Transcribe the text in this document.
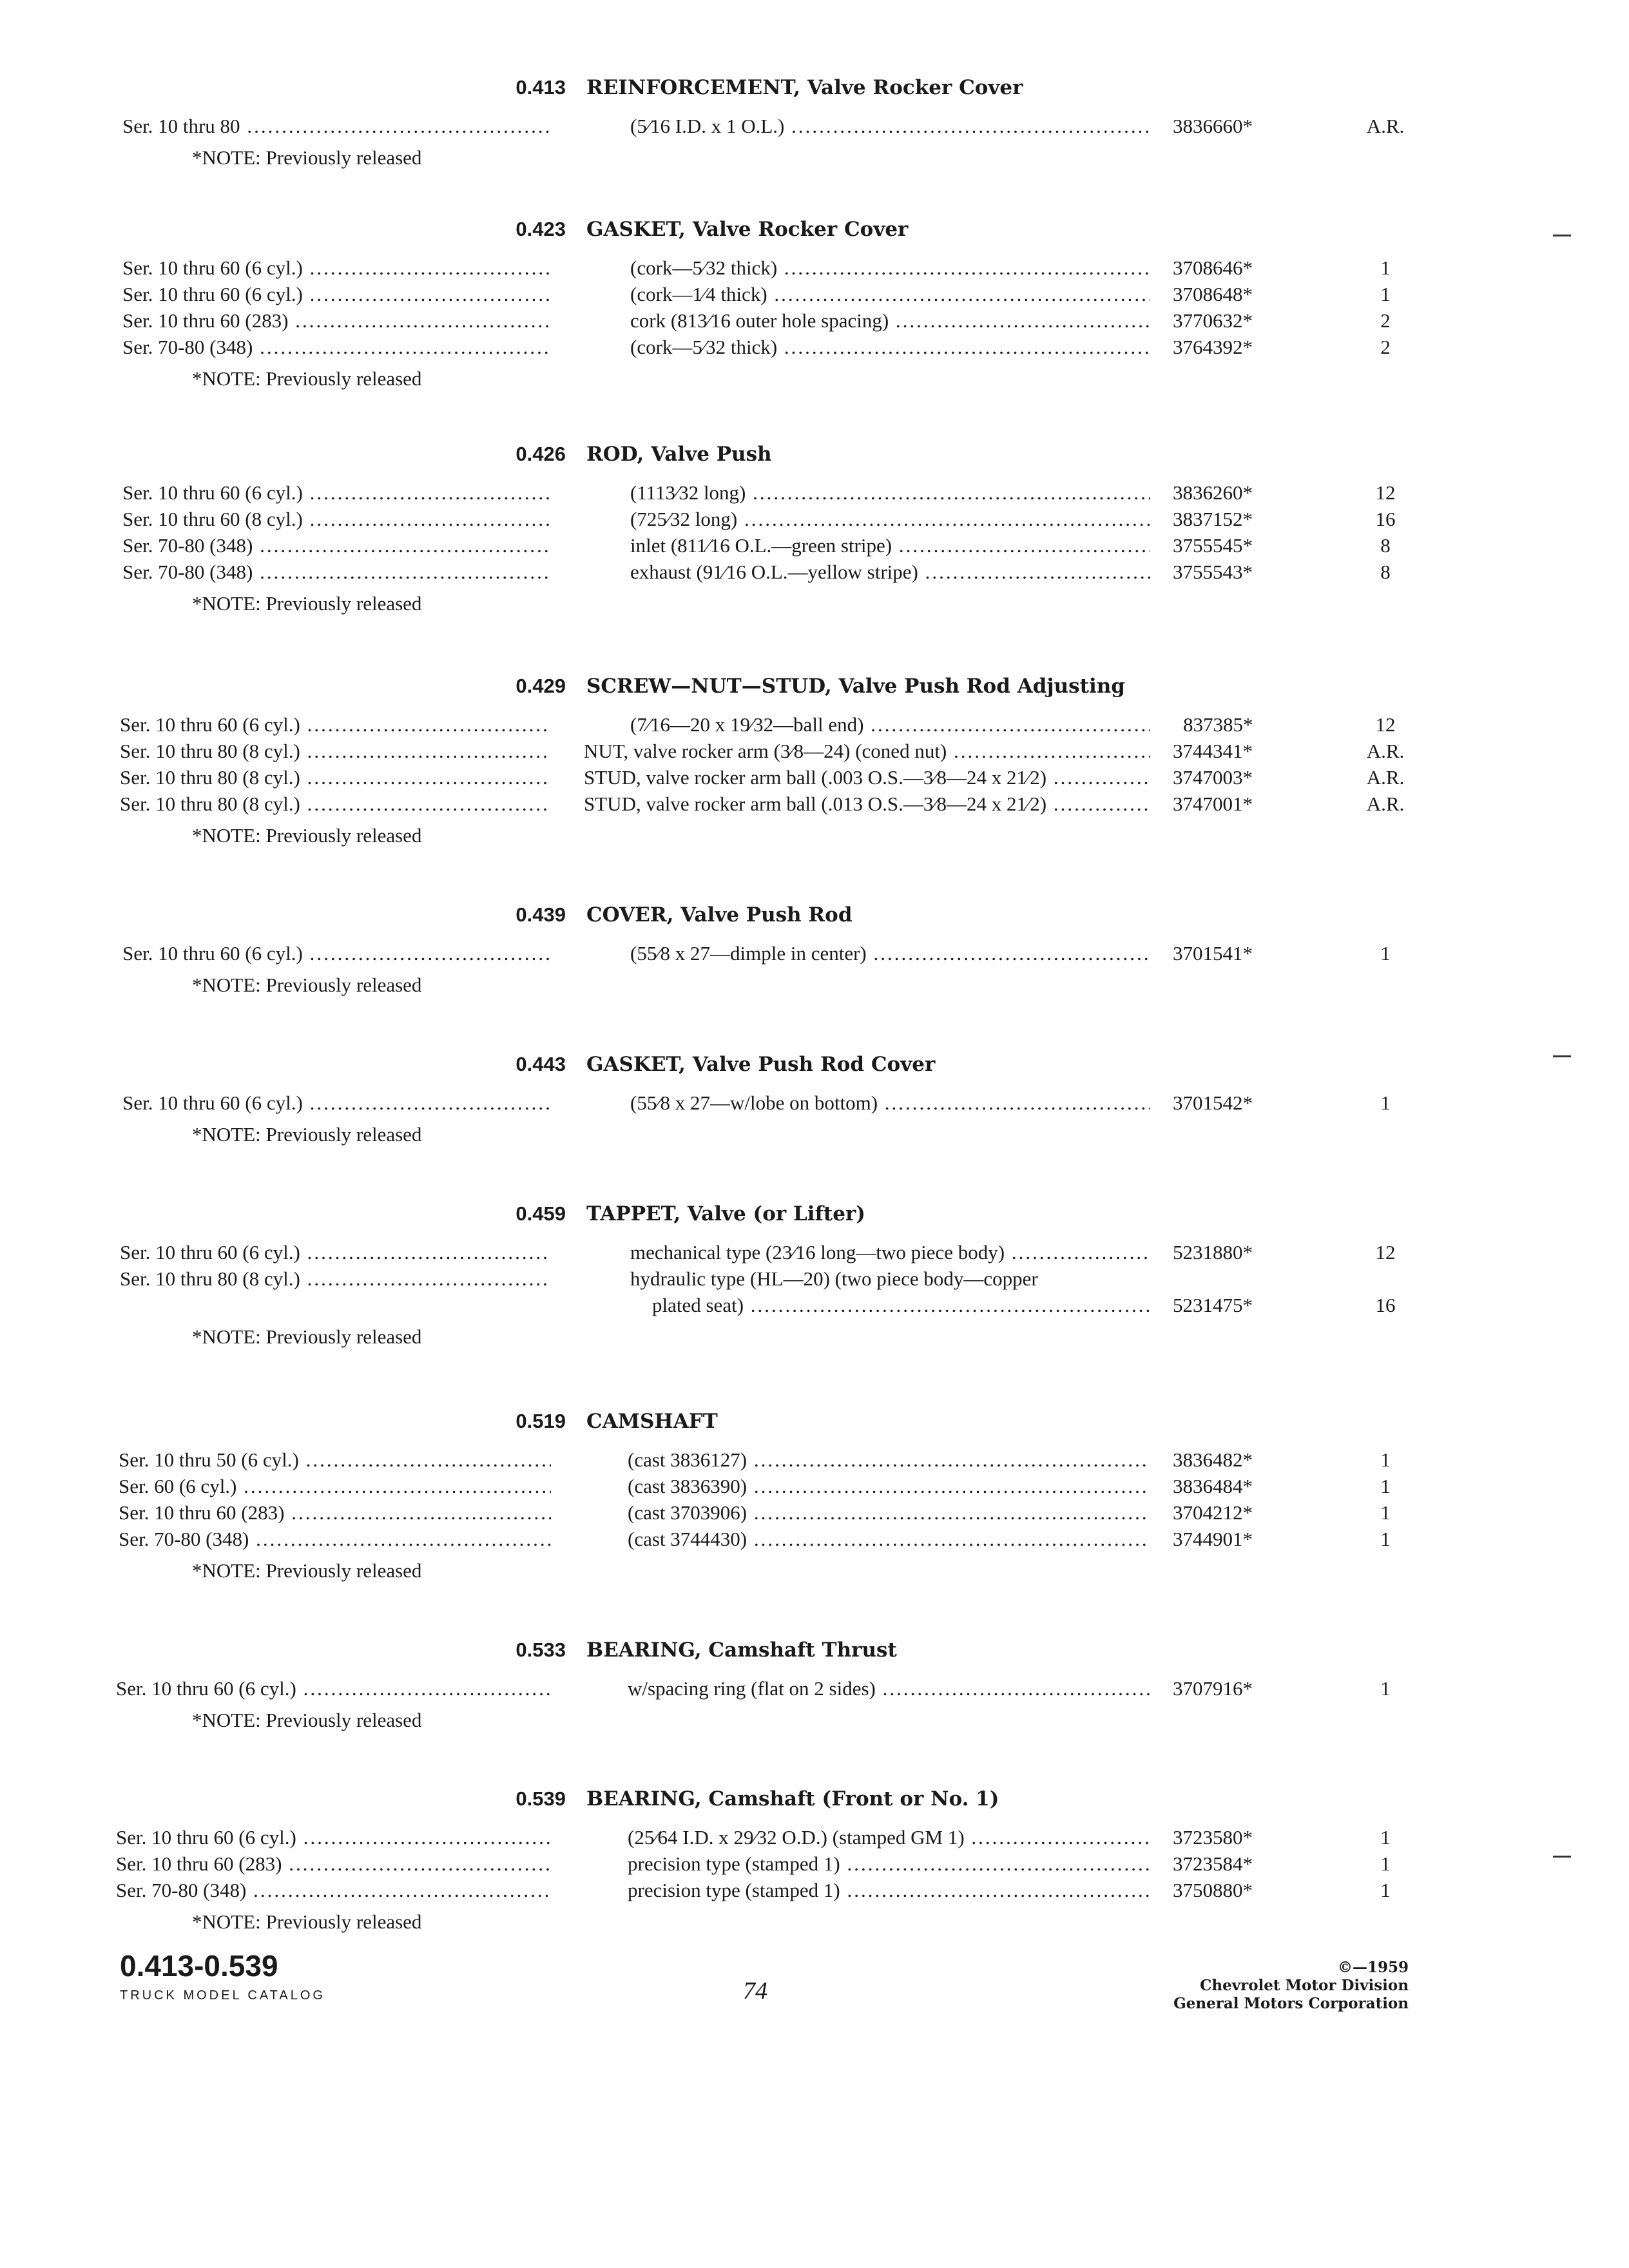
0.413 REINFORCEMENT, Valve Rocker Cover
Ser. 10 thru 80 .....	(5⁄16 I.D. x 1 O.L.) .....	3836660*	A.R.
*NOTE: Previously released
0.423 GASKET, Valve Rocker Cover
Ser. 10 thru 60 (6 cyl.) .....	(cork—5⁄32 thick) .....	3708646*	1
Ser. 10 thru 60 (6 cyl.) .....	(cork—1⁄4 thick) .....	3708648*	1
Ser. 10 thru 60 (283) .....	cork (813⁄16 outer hole spacing) .....	3770632*	2
Ser. 70-80 (348) .....	(cork—5⁄32 thick) .....	3764392*	2
*NOTE: Previously released
0.426 ROD, Valve Push
Ser. 10 thru 60 (6 cyl.) .....	(1113⁄32 long) .....	3836260*	12
Ser. 10 thru 60 (8 cyl.) .....	(725⁄32 long) .....	3837152*	16
Ser. 70-80 (348) .....	inlet (811⁄16 O.L.—green stripe) .....	3755545*	8
Ser. 70-80 (348) .....	exhaust (91⁄16 O.L.—yellow stripe) .....	3755543*	8
*NOTE: Previously released
0.429 SCREW—NUT—STUD, Valve Push Rod Adjusting
Ser. 10 thru 60 (6 cyl.) .....	(7⁄16—20 x 19⁄32—ball end) .....	837385*	12
Ser. 10 thru 80 (8 cyl.) .....	NUT, valve rocker arm (3⁄8—24) (coned nut) .....	3744341*	A.R.
Ser. 10 thru 80 (8 cyl.) .....	STUD, valve rocker arm ball (.003 O.S.—3⁄8—24 x 21⁄2) .....	3747003*	A.R.
Ser. 10 thru 80 (8 cyl.) .....	STUD, valve rocker arm ball (.013 O.S.—3⁄8—24 x 21⁄2) .....	3747001*	A.R.
*NOTE: Previously released
0.439 COVER, Valve Push Rod
Ser. 10 thru 60 (6 cyl.) .....	(55⁄8 x 27—dimple in center) .....	3701541*	1
*NOTE: Previously released
0.443 GASKET, Valve Push Rod Cover
Ser. 10 thru 60 (6 cyl.) .....	(55⁄8 x 27—w/lobe on bottom) .....	3701542*	1
*NOTE: Previously released
0.459 TAPPET, Valve (or Lifter)
Ser. 10 thru 60 (6 cyl.) .....	mechanical type (23⁄16 long—two piece body) .....	5231880*	12
Ser. 10 thru 80 (8 cyl.) .....	hydraulic type (HL—20) (two piece body—copper
plated seat) .....	5231475*	16
*NOTE: Previously released
0.519 CAMSHAFT
Ser. 10 thru 50 (6 cyl.) .....	(cast 3836127) .....	3836482*	1
Ser. 60 (6 cyl.) .....	(cast 3836390) .....	3836484*	1
Ser. 10 thru 60 (283) .....	(cast 3703906) .....	3704212*	1
Ser. 70-80 (348) .....	(cast 3744430) .....	3744901*	1
*NOTE: Previously released
0.533 BEARING, Camshaft Thrust
Ser. 10 thru 60 (6 cyl.) .....	w/spacing ring (flat on 2 sides) .....	3707916*	1
*NOTE: Previously released
0.539 BEARING, Camshaft (Front or No. 1)
Ser. 10 thru 60 (6 cyl.) .....	(25⁄64 I.D. x 29⁄32 O.D.) (stamped GM 1) .....	3723580*	1
Ser. 10 thru 60 (283) .....	precision type (stamped 1) .....	3723584*	1
Ser. 70-80 (348) .....	precision type (stamped 1) .....	3750880*	1
*NOTE: Previously released
0.413-0.539
TRUCK MODEL CATALOG	74
©—1959
Chevrolet Motor Division
General Motors Corporation
